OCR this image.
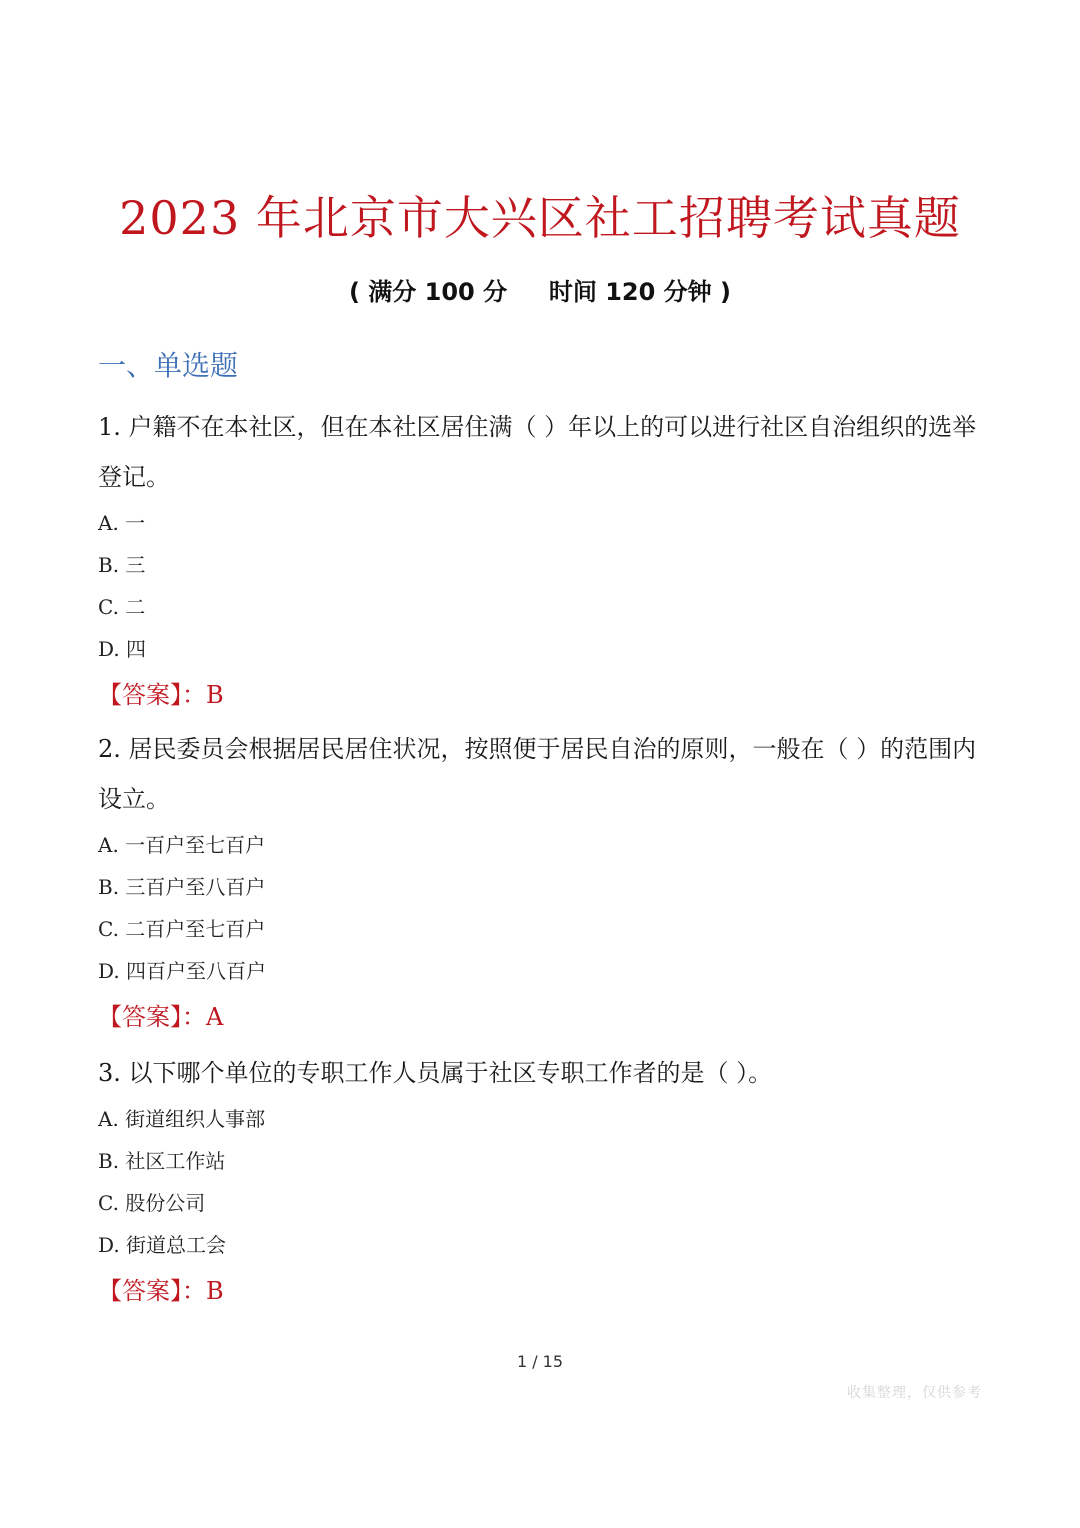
2023 年北京市大兴区社工招聘考试真题
( 满分 100 分     时间 120 分钟 )
一、单选题

1. 户籍不在本社区，但在本社区居住满（ ）年以上的可以进行社区自治组织的选举登记。

A. 一

B. 三

C. 二

D. 四

【答案】：B

2. 居民委员会根据居民居住状况，按照便于居民自治的原则，一般在（ ）的范围内设立。

A. 一百户至七百户

B. 三百户至八百户

C. 二百户至七百户

D. 四百户至八百户

【答案】：A

3. 以下哪个单位的专职工作人员属于社区专职工作者的是（ ）。

A. 街道组织人事部

B. 社区工作站

C. 股份公司

D. 街道总工会

【答案】：B

1 / 15
收集整理，仅供参考
